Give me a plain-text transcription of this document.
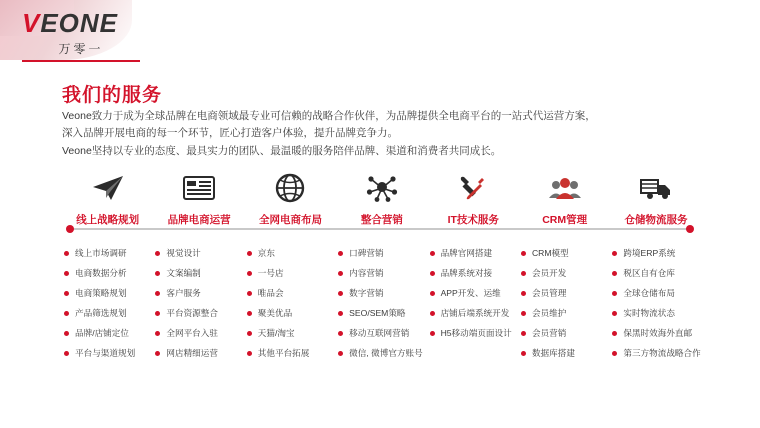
VEONE
万零一
我们的服务

Veone致力于成为全球品牌在电商领域最专业可信赖的战略合作伙伴，为品牌提供全电商平台的一站式代运营方案，

深入品牌开展电商的每一个环节，匠心打造客户体验，提升品牌竞争力。

Veone坚持以专业的态度、最具实力的团队、最温暖的服务陪伴品牌、渠道和消费者共同成长。

线上战略规划
线上市场调研
电商数据分析
电商策略规划
产品筛选规划
品牌/店铺定位
平台与渠道规划
品牌电商运营
视觉设计
文案编制
客户服务
平台资源整合
全网平台入驻
网店精细运营
全网电商布局
京东
一号店
唯品会
聚美优品
天猫/淘宝
其他平台拓展
整合营销
口碑营销
内容营销
数字营销
SEO/SEM策略
移动互联网营销
微信, 微博官方账号
IT技术服务
品牌官网搭建
品牌系统对接
APP开发、运维
店铺后端系统开发
H5移动端页面设计
CRM管理
CRM模型
会员开发
会员管理
会员维护
会员营销
数据库搭建
仓储物流服务
跨境ERP系统
税区自有仓库
全球仓储布局
实时物流状态
保黑时效海外直邮
第三方物流战略合作
